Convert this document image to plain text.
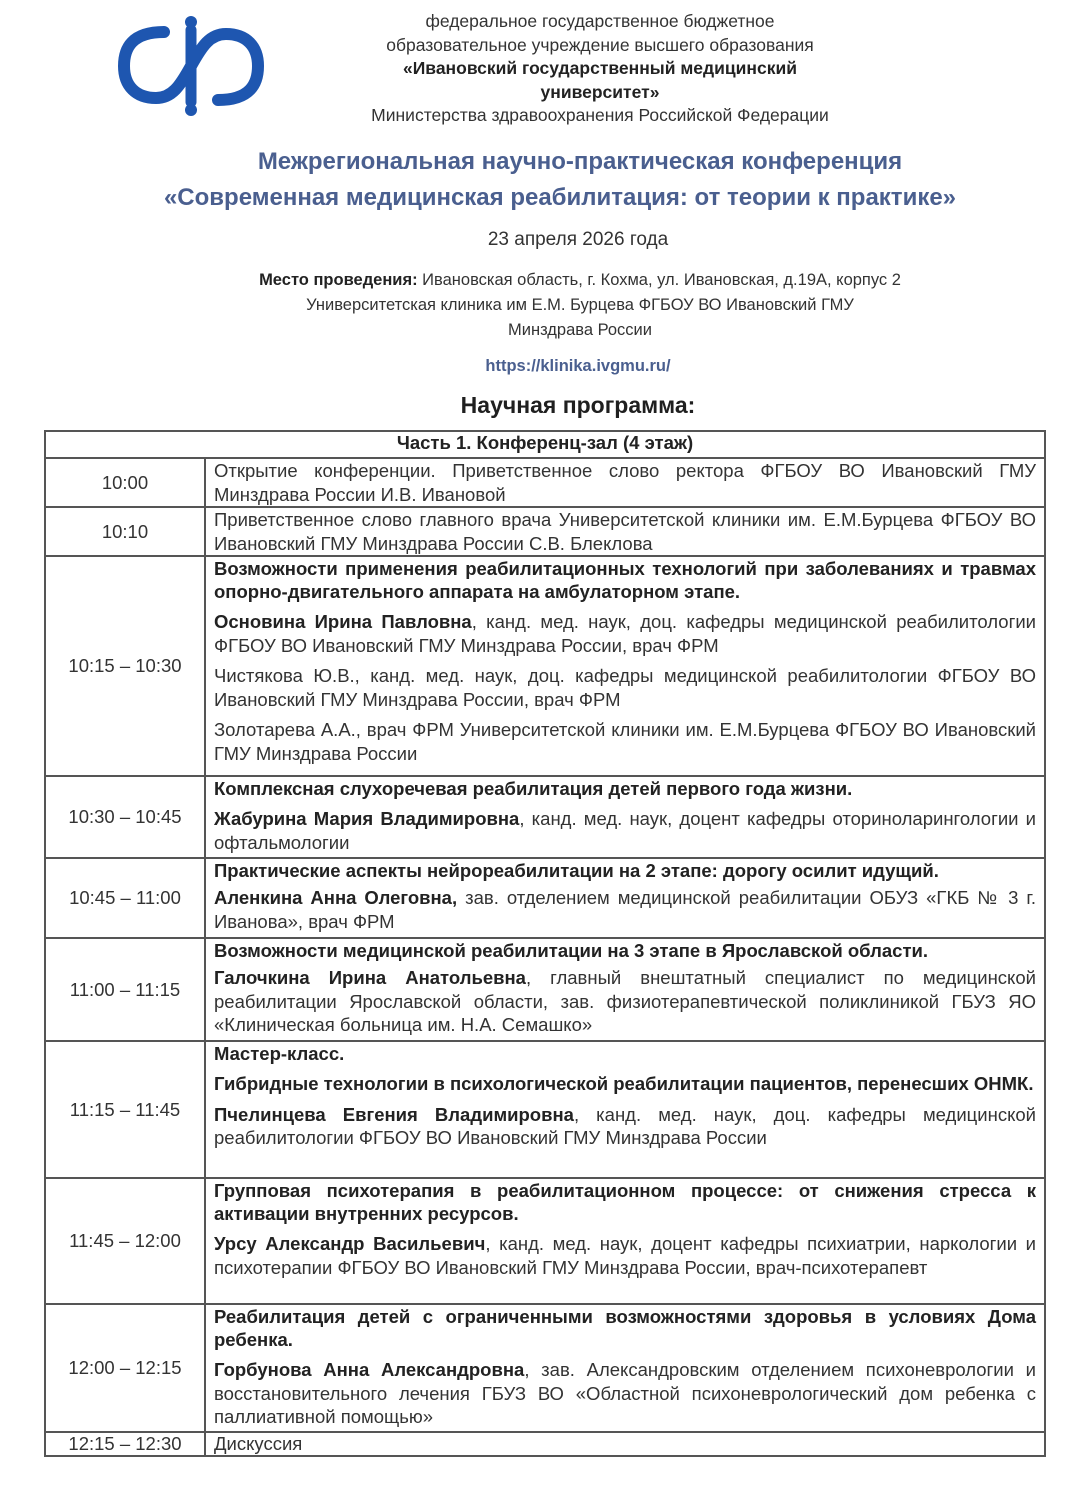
федеральное государственное бюджетное
образовательное учреждение высшего образования
«Ивановский государственный медицинский
университет»
Министерства здравоохранения Российской Федерации
Межрегиональная научно-практическая конференция
«Современная медицинская реабилитация: от теории к практике»
23 апреля 2026 года
Место проведения: Ивановская область, г. Кохма, ул. Ивановская, д.19А, корпус 2
Университетская клиника им Е.М. Бурцева ФГБОУ ВО Ивановский ГМУ
Минздрава России
https://klinika.ivgmu.ru/
Научная программа:
Часть 1. Конференц-зал (4 этаж)	
10:00	Открытие конференции. Приветственное слово ректора ФГБОУ ВО Ивановский ГМУ Минздрава России И.В. Ивановой

10:10	Приветственное слово главного врача Университетской клиники им. Е.М.Бурцева ФГБОУ ВО Ивановский ГМУ Минздрава России С.В. Блеклова

10:15 – 10:30	Возможности применения реабилитационных технологий при заболеваниях и травмах опорно-двигательного аппарата на амбулаторном этапе.
Основина Ирина Павловна, канд. мед. наук, доц. кафедры медицинской реабилитологии ФГБОУ ВО Ивановский ГМУ Минздрава России, врач ФРМ
Чистякова Ю.В., канд. мед. наук, доц. кафедры медицинской реабилитологии ФГБОУ ВО Ивановский ГМУ Минздрава России, врач ФРМ
Золотарева А.А., врач ФРМ Университетской клиники им. Е.М.Бурцева ФГБОУ ВО Ивановский ГМУ Минздрава России

10:30 – 10:45	Комплексная слухоречевая реабилитация детей первого года жизни.
Жабурина Мария Владимировна, канд. мед. наук, доцент кафедры оториноларингологии и офтальмологии

10:45 – 11:00	Практические аспекты нейрореабилитации на 2 этапе: дорогу осилит идущий.
Аленкина Анна Олеговна, зав. отделением медицинской реабилитации ОБУЗ «ГКБ № 3 г. Иванова», врач ФРМ

11:00 – 11:15	Возможности медицинской реабилитации на 3 этапе в Ярославской области.
Галочкина Ирина Анатольевна, главный внештатный специалист по медицинской реабилитации Ярославской области, зав. физиотерапевтической поликлиникой ГБУЗ ЯО «Клиническая больница им. Н.А. Семашко»

11:15 – 11:45	Мастер-класс.
Гибридные технологии в психологической реабилитации пациентов, перенесших ОНМК.
Пчелинцева Евгения Владимировна, канд. мед. наук, доц. кафедры медицинской реабилитологии ФГБОУ ВО Ивановский ГМУ Минздрава России

11:45 – 12:00	Групповая психотерапия в реабилитационном процессе: от снижения стресса к активации внутренних ресурсов.
Урсу Александр Васильевич, канд. мед. наук, доцент кафедры психиатрии, наркологии и психотерапии ФГБОУ ВО Ивановский ГМУ Минздрава России, врач-психотерапевт

12:00 – 12:15	Реабилитация детей с ограниченными возможностями здоровья в условиях Дома ребенка.
Горбунова Анна Александровна, зав. Александровским отделением психоневрологии и восстановительного лечения ГБУЗ ВО «Областной психоневрологический дом ребенка с паллиативной помощью»

12:15 – 12:30	Дискуссия
